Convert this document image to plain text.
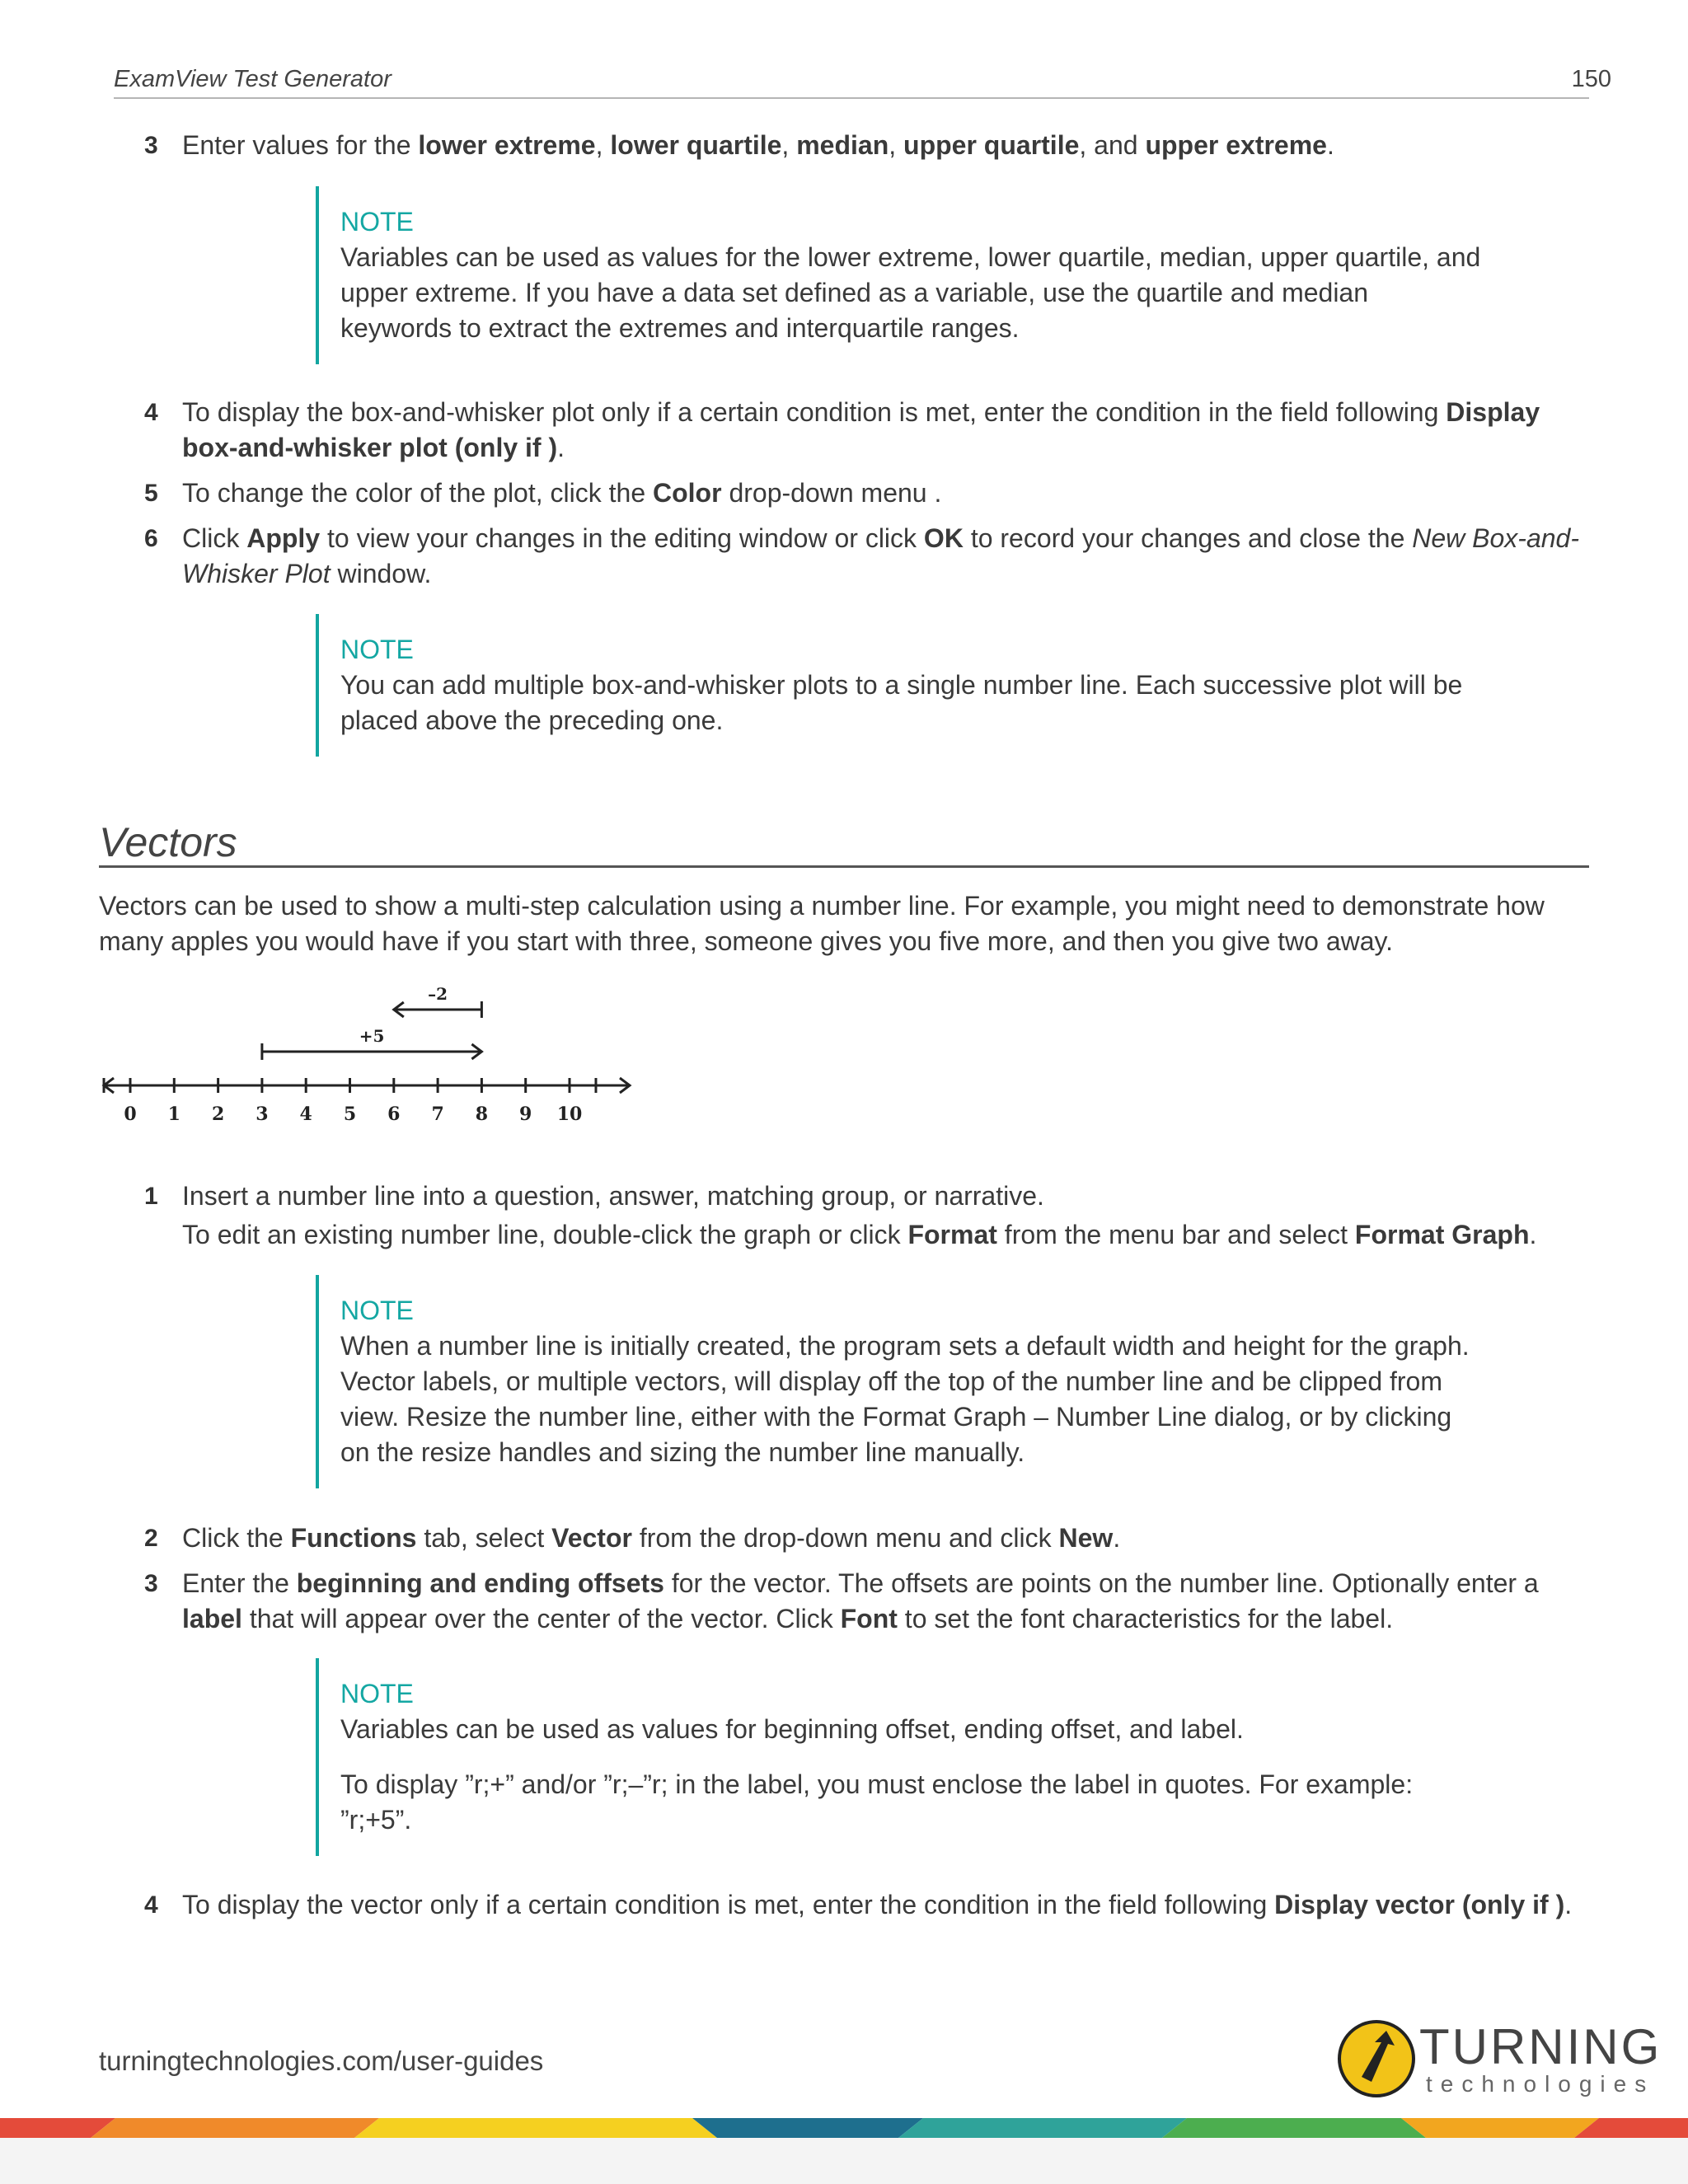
ExamView Test Generator	150
3 Enter values for the lower extreme, lower quartile, median, upper quartile, and upper extreme.
NOTE
Variables can be used as values for the lower extreme, lower quartile, median, upper quartile, and upper extreme. If you have a data set defined as a variable, use the quartile and median keywords to extract the extremes and interquartile ranges.
4 To display the box-and-whisker plot only if a certain condition is met, enter the condition in the field following Display box-and-whisker plot (only if ).
5 To change the color of the plot, click the Color drop-down menu .
6 Click Apply to view your changes in the editing window or click OK to record your changes and close the New Box-and-Whisker Plot window.
NOTE
You can add multiple box-and-whisker plots to a single number line. Each successive plot will be placed above the preceding one.
Vectors
Vectors can be used to show a multi-step calculation using a number line. For example, you might need to demonstrate how many apples you would have if you start with three, someone gives you five more, and then you give two away.
0 1 2 3 4 5 6 7 8 9 10
+5
–2
1 Insert a number line into a question, answer, matching group, or narrative.
To edit an existing number line, double-click the graph or click Format from the menu bar and select Format Graph.
NOTE
When a number line is initially created, the program sets a default width and height for the graph. Vector labels, or multiple vectors, will display off the top of the number line and be clipped from view. Resize the number line, either with the Format Graph – Number Line dialog, or by clicking on the resize handles and sizing the number line manually.
2 Click the Functions tab, select Vector from the drop-down menu and click New.
3 Enter the beginning and ending offsets for the vector. The offsets are points on the number line. Optionally enter a label that will appear over the center of the vector. Click Font to set the font characteristics for the label.
NOTE
Variables can be used as values for beginning offset, ending offset, and label.
To display ”r;+” and/or ”r;–”r; in the label, you must enclose the label in quotes. For example: ”r;+5”.
4 To display the vector only if a certain condition is met, enter the condition in the field following Display vector (only if ).
turningtechnologies.com/user-guides	TURNING
technologies
